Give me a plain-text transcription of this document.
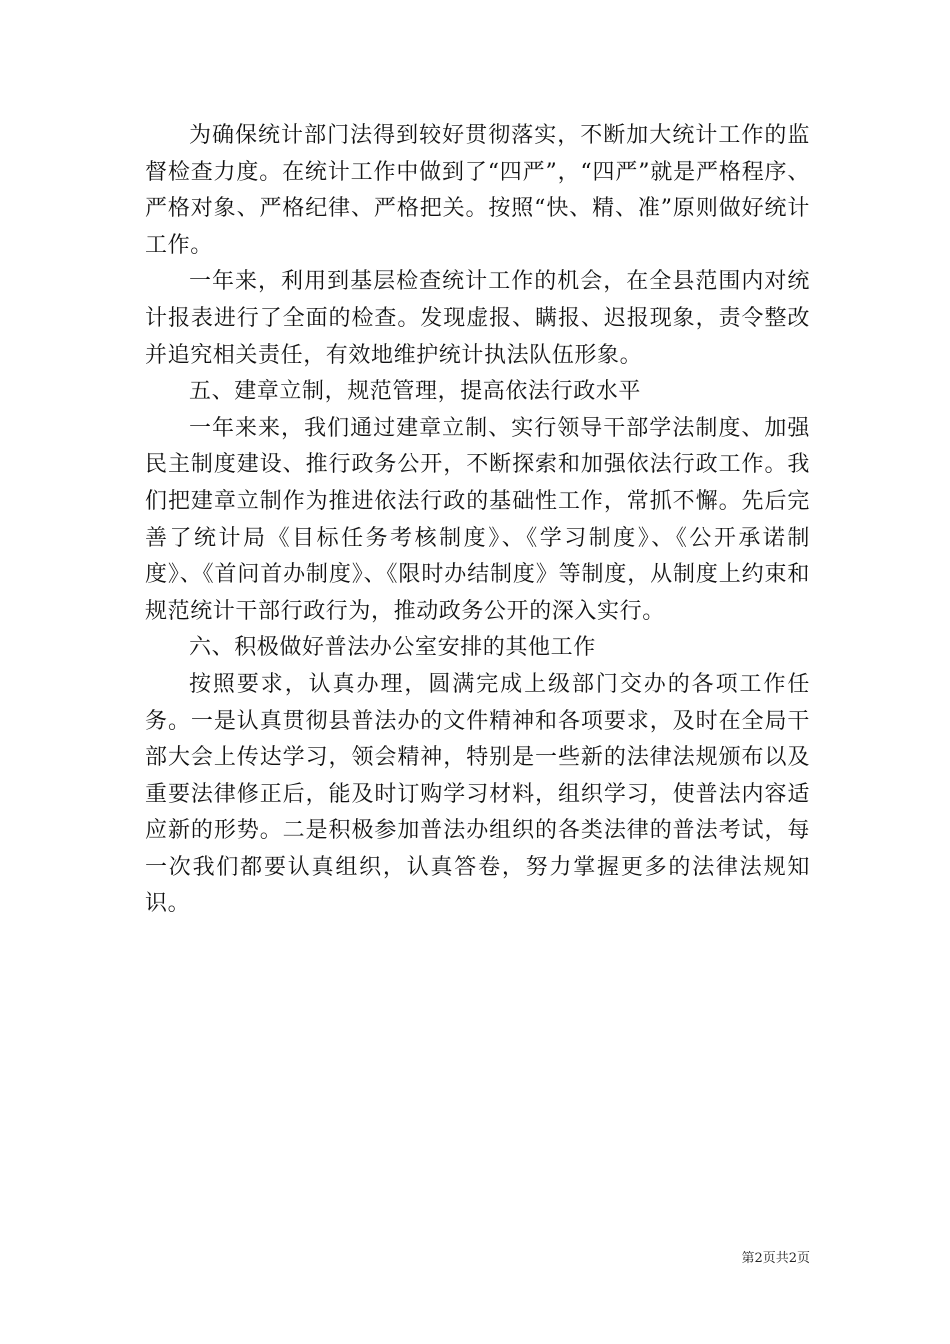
为确保统计部门法得到较好贯彻落实，不断加大统计工作的监督检查力度。在统计工作中做到了“四严”，“四严”就是严格程序、严格对象、严格纪律、严格把关。按照“快、精、准”原则做好统计工作。

一年来，利用到基层检查统计工作的机会，在全县范围内对统计报表进行了全面的检查。发现虚报、瞒报、迟报现象，责令整改并追究相关责任，有效地维护统计执法队伍形象。

五、建章立制，规范管理，提高依法行政水平

一年来来，我们通过建章立制、实行领导干部学法制度、加强民主制度建设、推行政务公开，不断探索和加强依法行政工作。我们把建章立制作为推进依法行政的基础性工作，常抓不懈。先后完善了统计局《目标任务考核制度》、《学习制度》、《公开承诺制度》、《首问首办制度》、《限时办结制度》等制度，从制度上约束和规范统计干部行政行为，推动政务公开的深入实行。

六、积极做好普法办公室安排的其他工作

按照要求，认真办理，圆满完成上级部门交办的各项工作任务。一是认真贯彻县普法办的文件精神和各项要求，及时在全局干部大会上传达学习，领会精神，特别是一些新的法律法规颁布以及重要法律修正后，能及时订购学习材料，组织学习，使普法内容适应新的形势。二是积极参加普法办组织的各类法律的普法考试，每一次我们都要认真组织，认真答卷，努力掌握更多的法律法规知识。

第2页共2页
